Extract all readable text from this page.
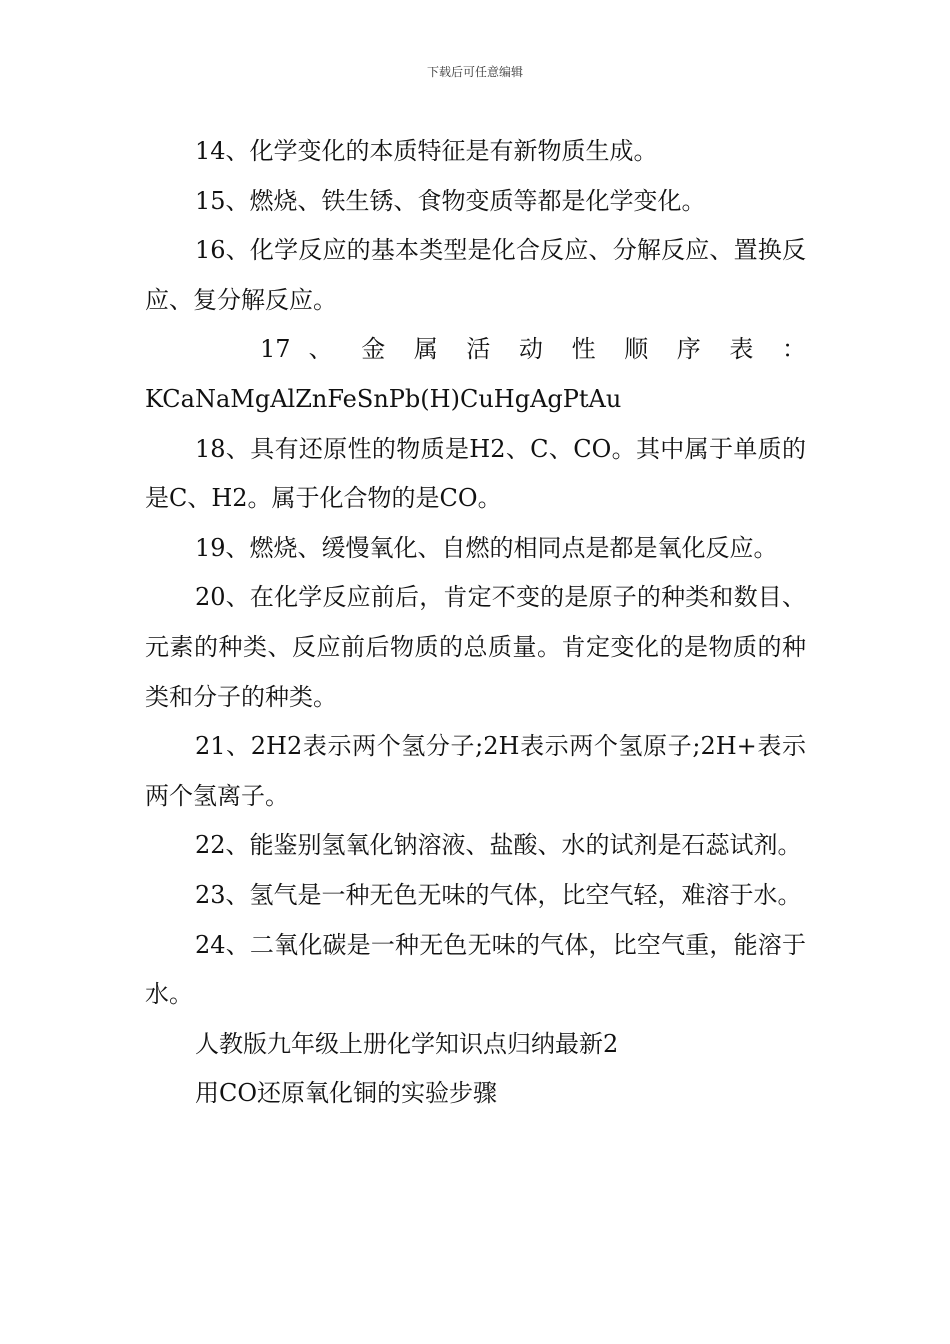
下载后可任意编辑

14、化学变化的本质特征是有新物质生成。

15、燃烧、铁生锈、食物变质等都是化学变化。

16、化学反应的基本类型是化合反应、分解反应、置换反应、复分解反应。

17 、 金 属 活 动 性 顺 序 表 ：

KCaNaMgAlZnFeSnPb(H)CuHgAgPtAu

18、具有还原性的物质是H2、C、CO。其中属于单质的是C、H2。属于化合物的是CO。

19、燃烧、缓慢氧化、自燃的相同点是都是氧化反应。

20、在化学反应前后，肯定不变的是原子的种类和数目、元素的种类、反应前后物质的总质量。肯定变化的是物质的种类和分子的种类。

21、2H2表示两个氢分子;2H表示两个氢原子;2H+表示两个氢离子。

22、能鉴别氢氧化钠溶液、盐酸、水的试剂是石蕊试剂。

23、氢气是一种无色无味的气体，比空气轻，难溶于水。

24、二氧化碳是一种无色无味的气体，比空气重，能溶于水。

人教版九年级上册化学知识点归纳最新2

用CO还原氧化铜的实验步骤
